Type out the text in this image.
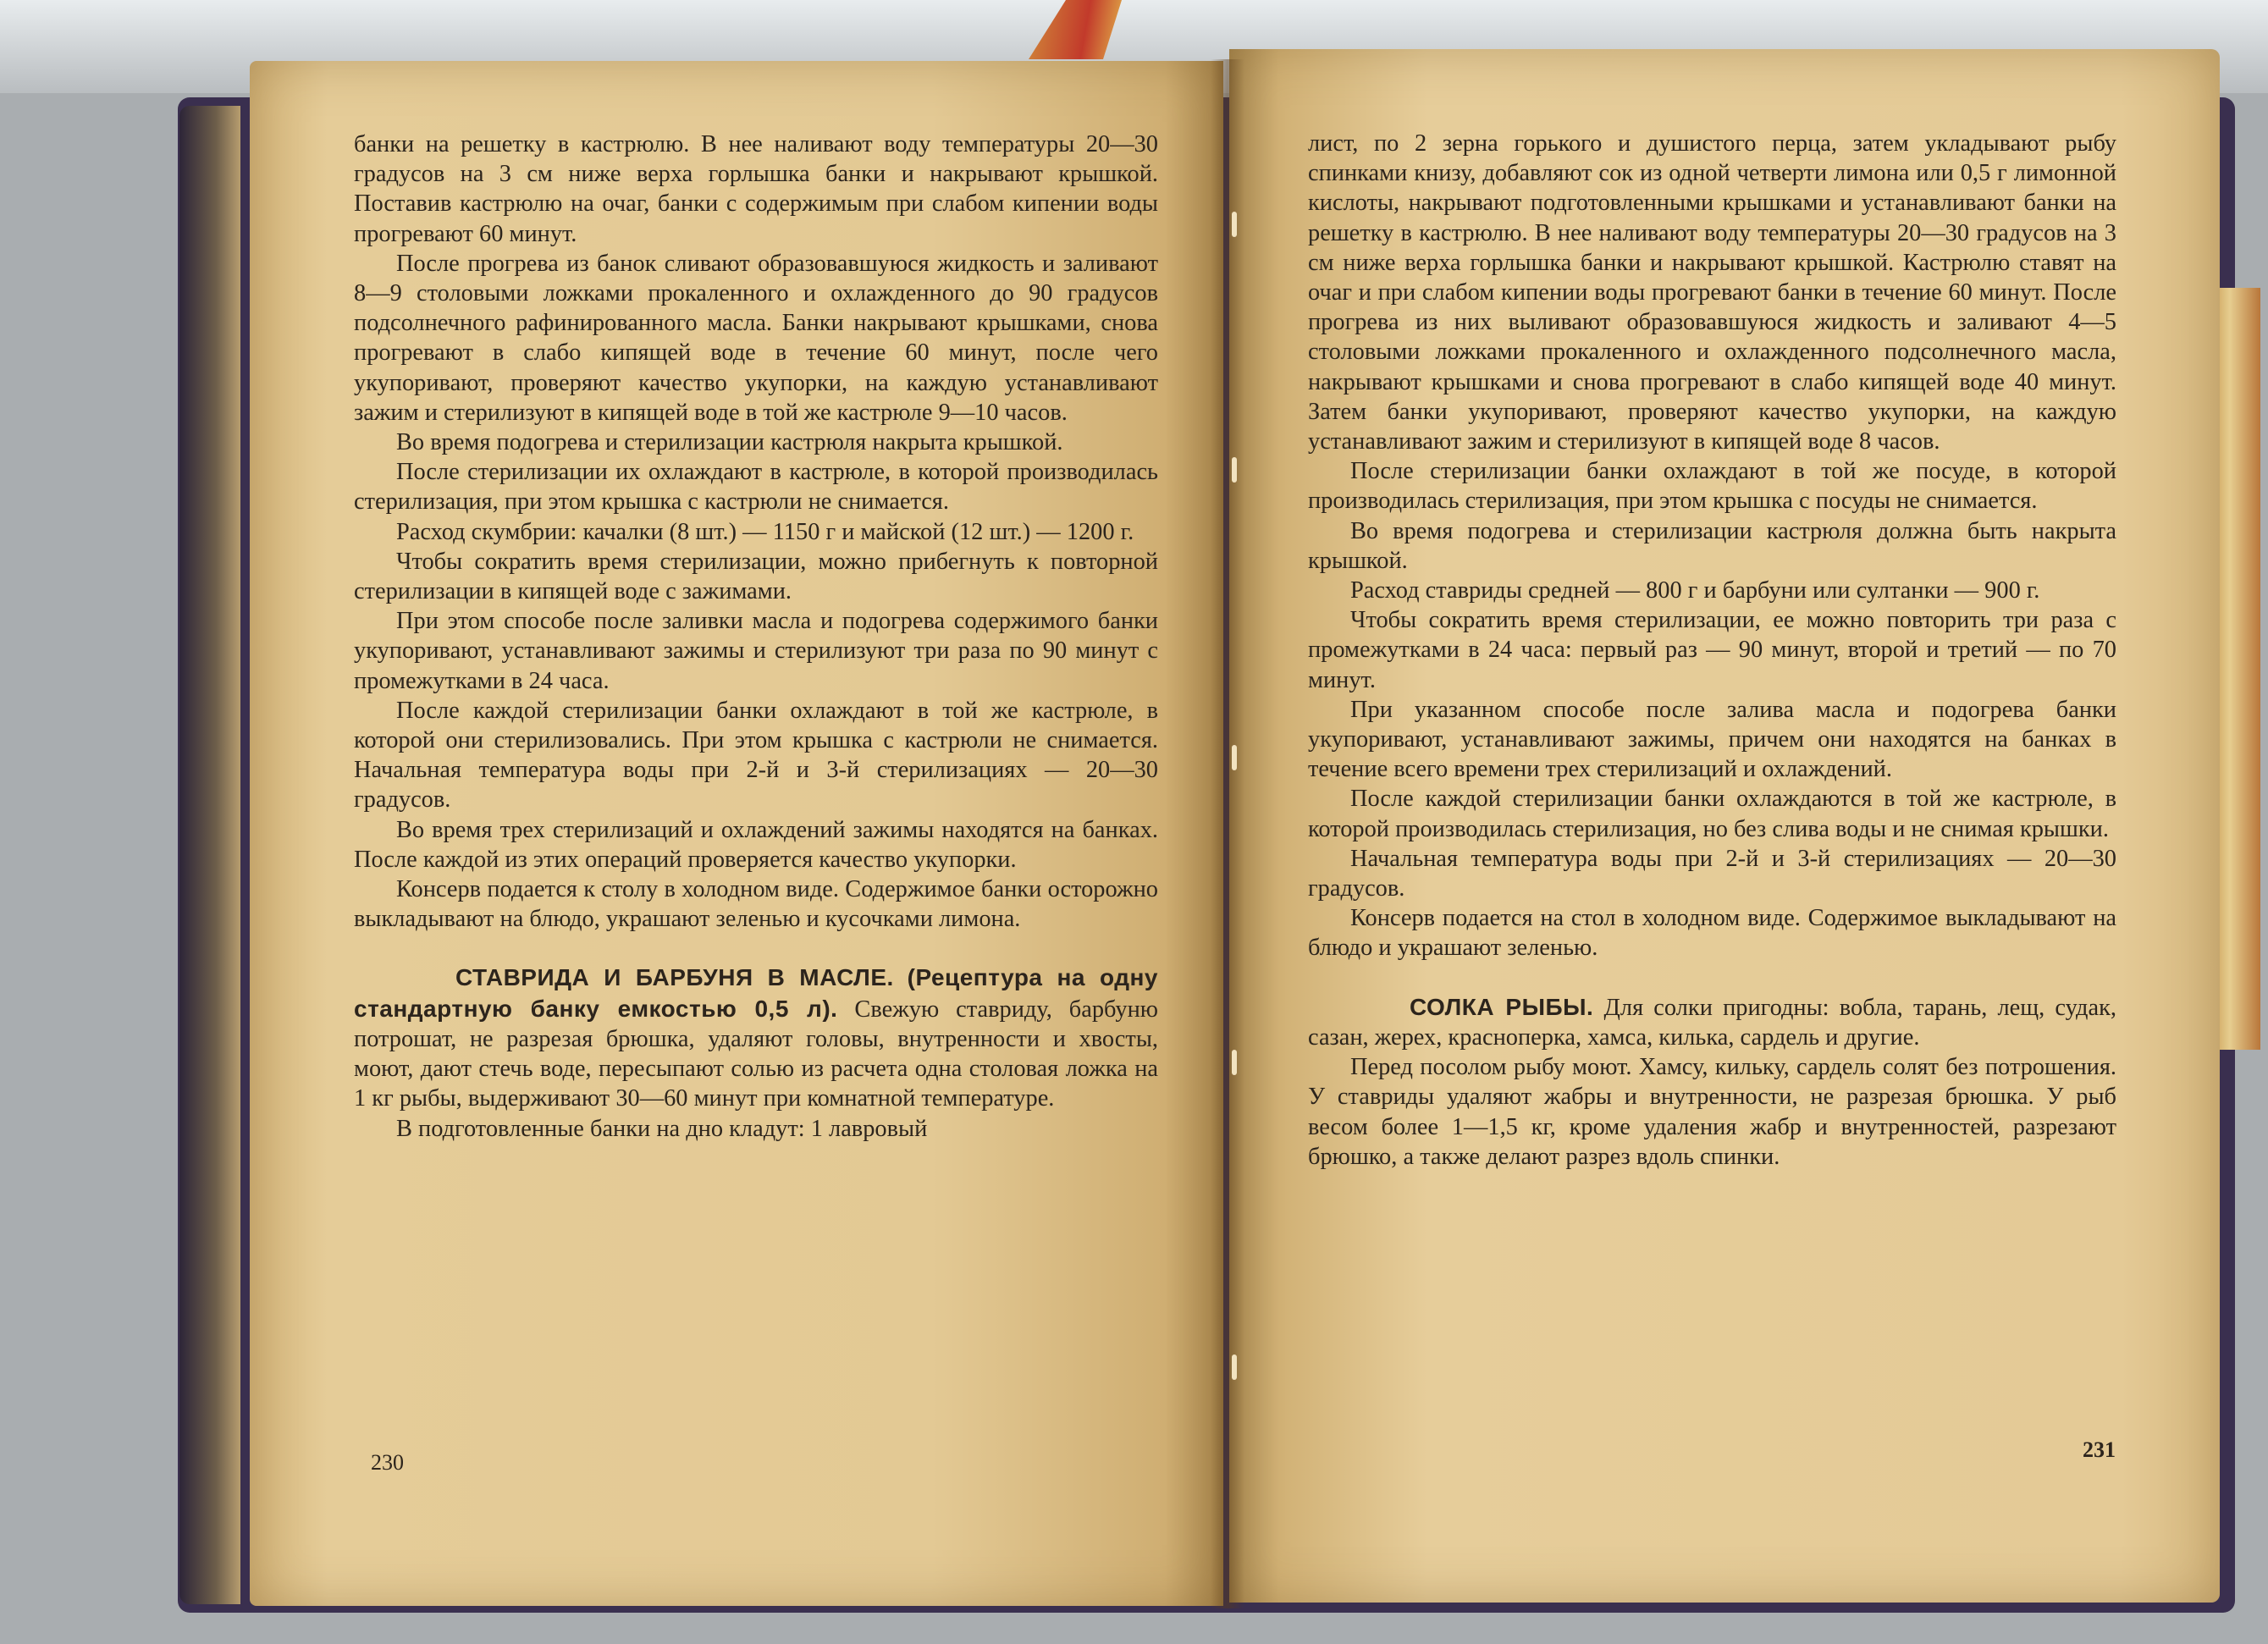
банки на решетку в кастрюлю. В нее наливают воду температуры 20—30 градусов на 3 см ниже верха горлышка банки и накрывают крышкой. Поставив кастрюлю на очаг, банки с содержимым при слабом кипении воды прогревают 60 минут.

После прогрева из банок сливают образовавшуюся жидкость и заливают 8—9 столовыми ложками прокаленного и охлажденного до 90 градусов подсолнечного рафинированного масла. Банки накрывают крышками, снова прогревают в слабо кипящей воде в течение 60 минут, после чего укупоривают, проверяют качество укупорки, на каждую устанавливают зажим и стерилизуют в кипящей воде в той же кастрюле 9—10 часов.

Во время подогрева и стерилизации кастрюля накрыта крышкой.

После стерилизации их охлаждают в кастрюле, в которой производилась стерилизация, при этом крышка с кастрюли не снимается.

Расход скумбрии: качалки (8 шт.) — 1150 г и майской (12 шт.) — 1200 г.

Чтобы сократить время стерилизации, можно прибегнуть к повторной стерилизации в кипящей воде с зажимами.

При этом способе после заливки масла и подогрева содержимого банки укупоривают, устанавливают зажимы и стерилизуют три раза по 90 минут с промежутками в 24 часа.

После каждой стерилизации банки охлаждают в той же кастрюле, в которой они стерилизовались. При этом крышка с кастрюли не снимается. Начальная температура воды при 2-й и 3-й стерилизациях — 20—30 градусов.

Во время трех стерилизаций и охлаждений зажимы находятся на банках. После каждой из этих операций проверяется качество укупорки.

Консерв подается к столу в холодном виде. Содержимое банки осторожно выкладывают на блюдо, украшают зеленью и кусочками лимона.

СТАВРИДА И БАРБУНЯ В МАСЛЕ. (Рецептура на одну стандартную банку емкостью 0,5 л). Свежую ставриду, барбуню потрошат, не разрезая брюшка, удаляют головы, внутренности и хвосты, моют, дают стечь воде, пересыпают солью из расчета одна столовая ложка на 1 кг рыбы, выдерживают 30—60 минут при комнатной температуре.

В подготовленные банки на дно кладут: 1 лавровый

230

лист, по 2 зерна горького и душистого перца, затем укладывают рыбу спинками книзу, добавляют сок из одной четверти лимона или 0,5 г лимонной кислоты, накрывают подготовленными крышками и устанавливают банки на решетку в кастрюлю. В нее наливают воду температуры 20—30 градусов на 3 см ниже верха горлышка банки и накрывают крышкой. Кастрюлю ставят на очаг и при слабом кипении воды прогревают банки в течение 60 минут. После прогрева из них выливают образовавшуюся жидкость и заливают 4—5 столовыми ложками прокаленного и охлажденного подсолнечного масла, накрывают крышками и снова прогревают в слабо кипящей воде 40 минут. Затем банки укупоривают, проверяют качество укупорки, на каждую устанавливают зажим и стерилизуют в кипящей воде 8 часов.

После стерилизации банки охлаждают в той же посуде, в которой производилась стерилизация, при этом крышка с посуды не снимается.

Во время подогрева и стерилизации кастрюля должна быть накрыта крышкой.

Расход ставриды средней — 800 г и барбуни или султанки — 900 г.

Чтобы сократить время стерилизации, ее можно повторить три раза с промежутками в 24 часа: первый раз — 90 минут, второй и третий — по 70 минут.

При указанном способе после залива масла и подогрева банки укупоривают, устанавливают зажимы, причем они находятся на банках в течение всего времени трех стерилизаций и охлаждений.

После каждой стерилизации банки охлаждаются в той же кастрюле, в которой производилась стерилизация, но без слива воды и не снимая крышки.

Начальная температура воды при 2-й и 3-й стерилизациях — 20—30 градусов.

Консерв подается на стол в холодном виде. Содержимое выкладывают на блюдо и украшают зеленью.

СОЛКА РЫБЫ. Для солки пригодны: вобла, тарань, лещ, судак, сазан, жерех, красноперка, хамса, килька, сардель и другие.

Перед посолом рыбу моют. Хамсу, кильку, сардель солят без потрошения. У ставриды удаляют жабры и внутренности, не разрезая брюшка. У рыб весом более 1—1,5 кг, кроме удаления жабр и внутренностей, разрезают брюшко, а также делают разрез вдоль спинки.

231
